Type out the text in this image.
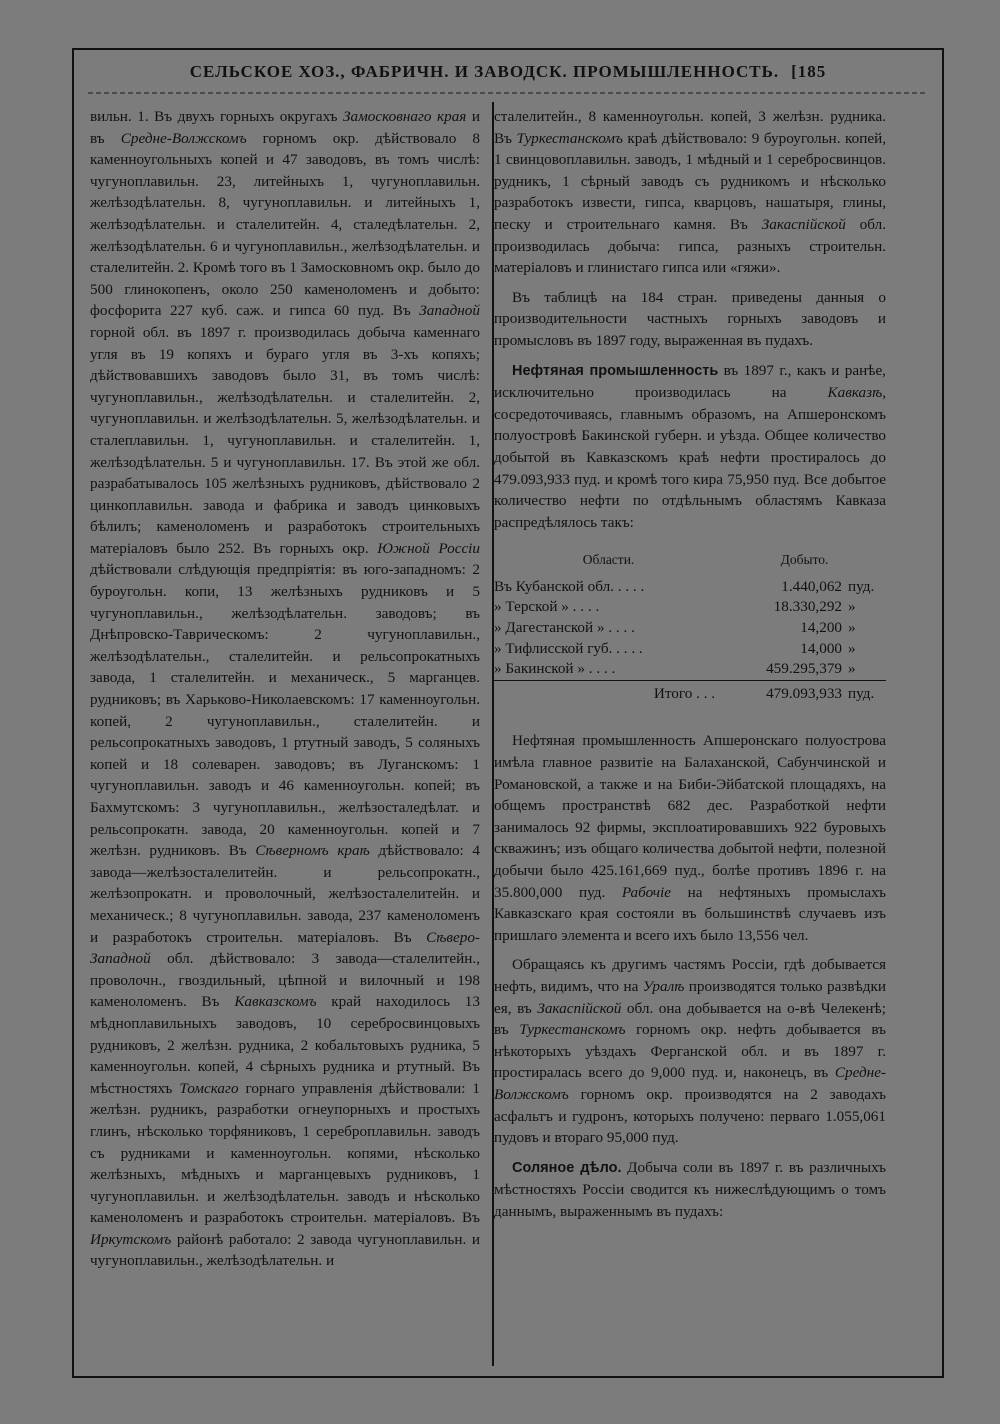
СЕЛЬСКОЕ ХОЗ., ФАБРИЧН. И ЗАВОДСК. ПРОМЫШЛЕННОСТЬ. [185

вильн. 1. Въ двухъ горныхъ округахъ Замосковнаго края и въ Средне-Волжскомъ горномъ окр. дѣйствовало 8 каменноугольныхъ копей и 47 заводовъ, въ томъ числѣ: чугуноплавильн. 23, литейныхъ 1, чугуноплавильн. желѣзодѣлательн. 8, чугуноплавильн. и литейныхъ 1, желѣзодѣлательн. и сталелитейн. 4, сталедѣлательн. 2, желѣзодѣлательн. 6 и чугуноплавильн., желѣзодѣлательн. и сталелитейн. 2. Кромѣ того въ 1 Замосковномъ окр. было до 500 глинокопенъ, около 250 каменоломенъ и добыто: фосфорита 227 куб. саж. и гипса 60 пуд. Въ Западной горной обл. въ 1897 г. производилась добыча каменнаго угля въ 19 копяхъ и бураго угля въ 3-хъ копяхъ; дѣйствовавшихъ заводовъ было 31, въ томъ числѣ: чугуноплавильн., желѣзодѣлательн. и сталелитейн. 2, чугуноплавильн. и желѣзодѣлательн. 5, желѣзодѣлательн. и сталеплавильн. 1, чугуноплавильн. и сталелитейн. 1, желѣзодѣлательн. 5 и чугуноплавильн. 17. Въ этой же обл. разрабатывалось 105 желѣзныхъ рудниковъ, дѣйствовало 2 цинкоплавильн. завода и фабрика и заводъ цинковыхъ бѣлилъ; каменоломенъ и разработокъ строительныхъ матеріаловъ было 252. Въ горныхъ окр. Южной Россіи дѣйствовали слѣдующія предпріятія: въ юго-западномъ: 2 буроугольн. копи, 13 желѣзныхъ рудниковъ и 5 чугуноплавильн., желѣзодѣлательн. заводовъ; въ Днѣпровско-Таврическомъ: 2 чугуноплавильн., желѣзодѣлательн., сталелитейн. и рельсопрокатныхъ завода, 1 сталелитейн. и механическ., 5 марганцев. рудниковъ; въ Харьково-Николаевскомъ: 17 каменноугольн. копей, 2 чугуноплавильн., сталелитейн. и рельсопрокатныхъ заводовъ, 1 ртутный заводъ, 5 соляныхъ копей и 18 солеварен. заводовъ; въ Луганскомъ: 1 чугуноплавильн. заводъ и 46 каменноугольн. копей; въ Бахмутскомъ: 3 чугуноплавильн., желѣзосталедѣлат. и рельсопрокатн. завода, 20 каменноугольн. копей и 7 желѣзн. рудниковъ. Въ Сѣверномъ краѣ дѣйствовало: 4 завода—желѣзосталелитейн. и рельсопрокатн., желѣзопрокатн. и проволочный, желѣзосталелитейн. и механическ.; 8 чугуноплавильн. завода, 237 каменоломенъ и разработокъ строительн. матеріаловъ. Въ Сѣверо-Западной обл. дѣйствовало: 3 завода—сталелитейн., проволочн., гвоздильный, цѣпной и вилочный и 198 каменоломенъ. Въ Кавказскомъ край находилось 13 мѣдноплавильныхъ заводовъ, 10 серебросвинцовыхъ рудниковъ, 2 желѣзн. рудника, 2 кобальтовыхъ рудника, 5 каменноугольн. копей, 4 сѣрныхъ рудника и ртутный. Въ мѣстностяхъ Томскаго горнаго управленія дѣйствовали: 1 желѣзн. рудникъ, разработки огнеупорныхъ и простыхъ глинъ, нѣсколько торфяниковъ, 1 сереброплавильн. заводъ съ рудниками и каменноугольн. копями, нѣсколько желѣзныхъ, мѣдныхъ и марганцевыхъ рудниковъ, 1 чугуноплавильн. и желѣзодѣлательн. заводъ и нѣсколько каменоломенъ и разработокъ строительн. матеріаловъ. Въ Иркутскомъ районѣ работало: 2 завода чугуноплавильн. и чугуноплавильн., желѣзодѣлательн. и

сталелитейн., 8 каменноугольн. копей, 3 желѣзн. рудника. Въ Туркестанскомъ краѣ дѣйствовало: 9 буроугольн. копей, 1 свинцовоплавильн. заводъ, 1 мѣдный и 1 серебросвинцов. рудникъ, 1 сѣрный заводъ съ рудникомъ и нѣсколько разработокъ извести, гипса, кварцовъ, нашатыря, глины, песку и строительнаго камня. Въ Закаспійской обл. производилась добыча: гипса, разныхъ строительн. матеріаловъ и глинистаго гипса или «гяжи».

Въ таблицѣ на 184 стран. приведены данныя о производительности частныхъ горныхъ заводовъ и промысловъ въ 1897 году, выраженная въ пудахъ.

Нефтяная промышленность въ 1897 г., какъ и ранѣе, исключительно производилась на Кавказѣ, сосредоточиваясь, главнымъ образомъ, на Апшеронскомъ полуостровѣ Бакинской губерн. и уѣзда. Общее количество добытой въ Кавказскомъ краѣ нефти простиралось до 479.093,933 пуд. и кромѣ того кира 75,950 пуд. Все добытое количество нефти по отдѣльнымъ областямъ Кавказа распредѣлялось такъ:

Области.	Добыто.	
Въ Кубанской обл. . . . .	1.440,062	пуд.
» Терской » . . . .	18.330,292	»
» Дагестанской » . . . .	14,200	»
» Тифлисской губ. . . . .	14,000	»
» Бакинской » . . . .	459.295,379	»
Итого . . .	479.093,933	пуд.

Нефтяная промышленность Апшеронскаго полуострова имѣла главное развитіе на Балаханской, Сабунчинской и Романовской, а также и на Биби-Эйбатской площадяхъ, на общемъ пространствѣ 682 дес. Разработкой нефти занималось 92 фирмы, эксплоатировавшихъ 922 буровыхъ скважинъ; изъ общаго количества добытой нефти, полезной добычи было 425.161,669 пуд., болѣе противъ 1896 г. на 35.800,000 пуд. Рабочіе на нефтяныхъ промыслахъ Кавказскаго края состояли въ большинствѣ случаевъ изъ пришлаго элемента и всего ихъ было 13,556 чел.

Обращаясь къ другимъ частямъ Россіи, гдѣ добывается нефть, видимъ, что на Уралѣ производятся только развѣдки ея, въ Закаспійской обл. она добывается на о-вѣ Челекенѣ; въ Туркестанскомъ горномъ окр. нефть добывается въ нѣкоторыхъ уѣздахъ Ферганской обл. и въ 1897 г. простиралась всего до 9,000 пуд. и, наконецъ, въ Средне-Волжскомъ горномъ окр. производятся на 2 заводахъ асфальтъ и гудронъ, которыхъ получено: перваго 1.055,061 пудовъ и втораго 95,000 пуд.

Соляное дѣло. Добыча соли въ 1897 г. въ различныхъ мѣстностяхъ Россіи сводится къ нижеслѣдующимъ о томъ даннымъ, выраженнымъ въ пудахъ:
